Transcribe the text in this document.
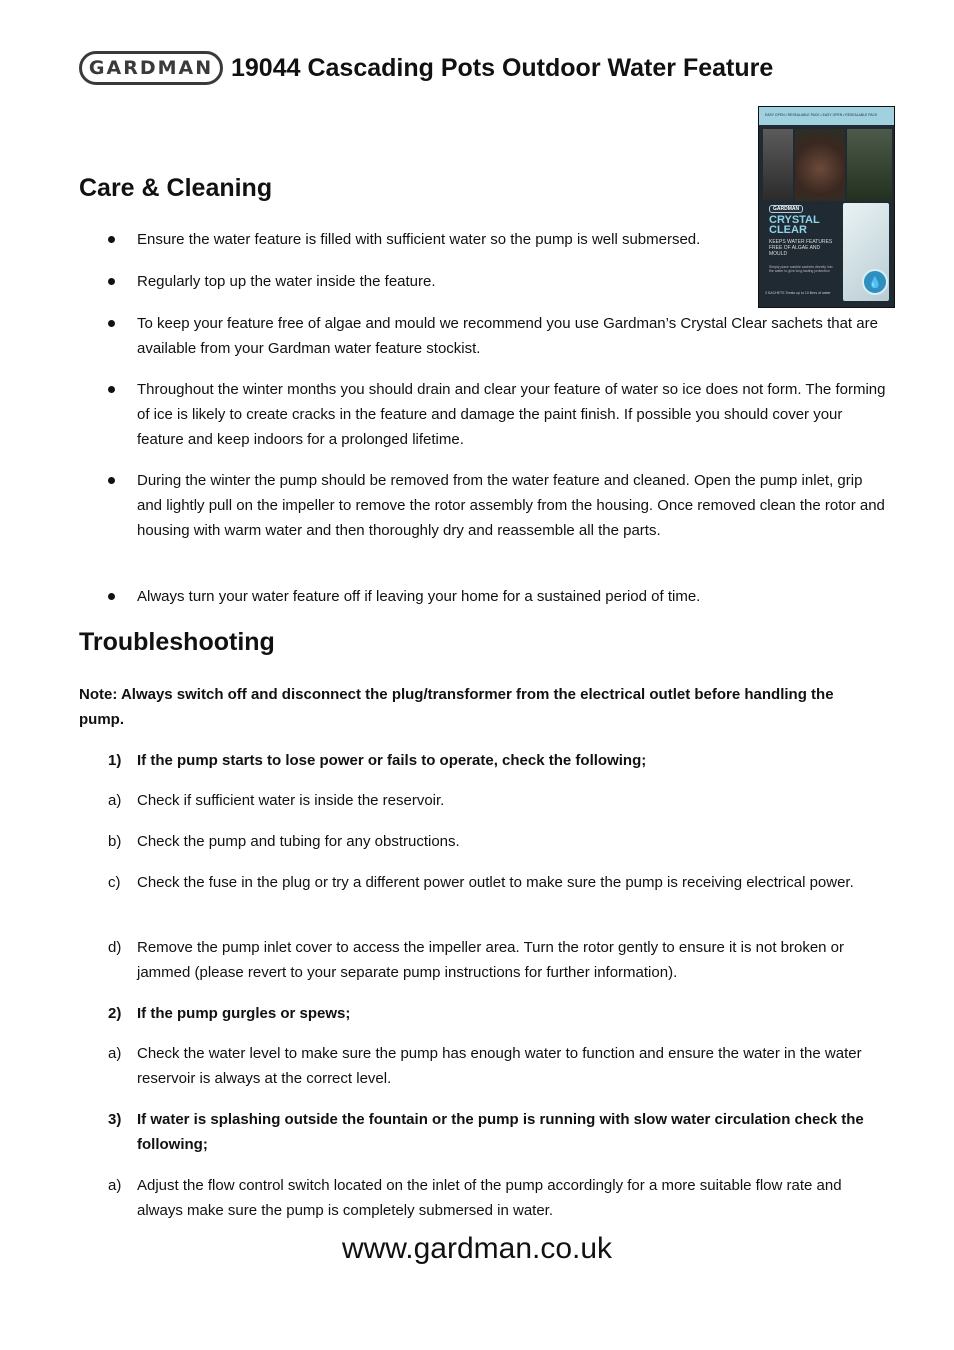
GARDMAN 19044 Cascading Pots Outdoor Water Feature
EASY OPEN • RESEALABLE PACK • EASY OPEN • RESEALABLE PACK
GARDMAN
CRYSTAL
CLEAR
KEEPS WATER FEATURES FREE OF ALGAE AND MOULD
Simply place soluble sachets directly into the water to give long lasting protection
3 SACHETS Treats up to 10 litres of water
💧
Care & Cleaning
Ensure the water feature is filled with sufficient water so the pump is well submersed.
Regularly top up the water inside the feature.
To keep your feature free of algae and mould we recommend you use Gardman’s Crystal Clear sachets that are available from your Gardman water feature stockist.
Throughout the winter months you should drain and clear your feature of water so ice does not form. The forming of ice is likely to create cracks in the feature and damage the paint finish. If possible you should cover your feature and keep indoors for a prolonged lifetime.
During the winter the pump should be removed from the water feature and cleaned. Open the pump inlet, grip and lightly pull on the impeller to remove the rotor assembly from the housing. Once removed clean the rotor and housing with warm water and then thoroughly dry and reassemble all the parts.
Always turn your water feature off if leaving your home for a sustained period of time.
Troubleshooting
Note: Always switch off and disconnect the plug/transformer from the electrical outlet before handling the pump.
1) If the pump starts to lose power or fails to operate, check the following;
a) Check if sufficient water is inside the reservoir.
b) Check the pump and tubing for any obstructions.
c) Check the fuse in the plug or try a different power outlet to make sure the pump is receiving electrical power.
d) Remove the pump inlet cover to access the impeller area. Turn the rotor gently to ensure it is not broken or jammed (please revert to your separate pump instructions for further information).
2) If the pump gurgles or spews;
a) Check the water level to make sure the pump has enough water to function and ensure the water in the water reservoir is always at the correct level.
3) If water is splashing outside the fountain or the pump is running with slow water circulation check the following;
a) Adjust the flow control switch located on the inlet of the pump accordingly for a more suitable flow rate and always make sure the pump is completely submersed in water.
www.gardman.co.uk
